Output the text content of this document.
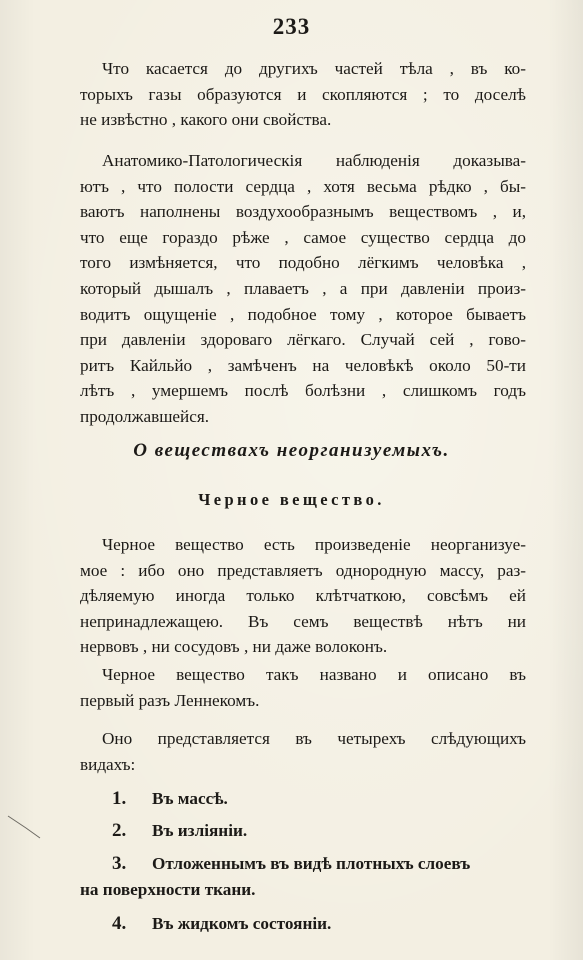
233
Что касается до другихъ частей тѣла , въ ко-
торыхъ газы образуются и скопляются ; то доселѣ
не извѣстно , какого они свойства.
Анатомико-Патологическія наблюденія доказыва-
ютъ , что полости сердца , хотя весьма рѣдко , бы-
ваютъ наполнены воздухообразнымъ веществомъ , и,
что еще гораздо рѣже , самое существо сердца до
того измѣняется, что подобно лёгкимъ человѣка ,
который дышалъ , плаваетъ , а при давленіи произ-
водитъ ощущеніе , подобное тому , которое бываетъ
при давленіи здороваго лёгкаго. Случай сей , гово-
ритъ Кайльйо , замѣченъ на человѣкѣ около 50-ти
лѣтъ , умершемъ послѣ болѣзни , слишкомъ годъ
продолжавшейся.
О веществахъ неорганизуемыхъ.
Черное вещество.
Черное вещество есть произведеніе неорганизуе-
мое : ибо оно представляетъ однородную массу, раз-
дѣляемую иногда только клѣтчаткою, совсѣмъ ей
непринадлежащею. Въ семъ веществѣ нѣтъ ни
нервовъ , ни сосудовъ , ни даже волоконъ.
Черное вещество такъ названо и описано въ
первый разъ Леннекомъ.
Оно представляется въ четырехъ слѣдующихъ
видахъ:
1. Въ массѣ.
2. Въ изліяніи.
3. Отложеннымъ въ видѣ плотныхъ слоевъ
на поверхности ткани.
4. Въ жидкомъ состояніи.
